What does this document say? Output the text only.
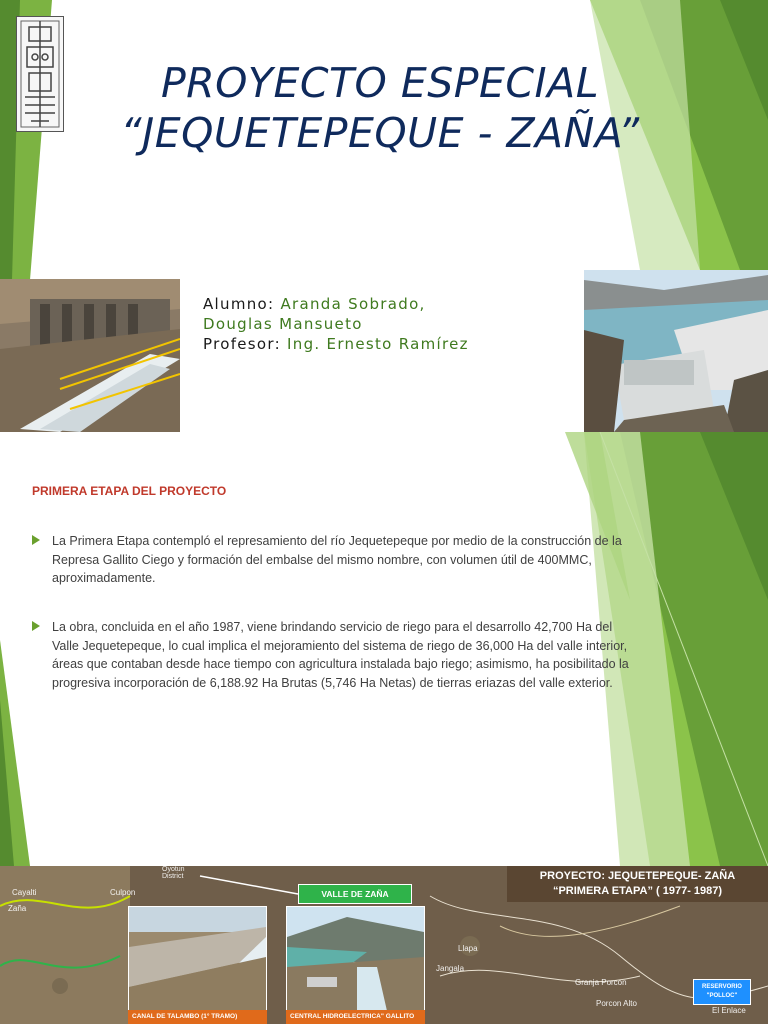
PROYECTO ESPECIAL “JEQUETEPEQUE - ZAÑA”
Alumno: Aranda Sobrado,
Douglas Mansueto
Profesor: Ing. Ernesto Ramírez
PRIMERA ETAPA DEL PROYECTO
La Primera Etapa contempló el represamiento del río Jequetepeque por medio de la construcción de la Represa Gallito Ciego y formación del embalse del mismo nombre, con volumen útil de 400MMC, aproximadamente.
La obra, concluida en el año 1987, viene brindando servicio de riego para el desarrollo 42,700 Ha del Valle Jequetepeque, lo cual implica el mejoramiento del sistema de riego de 36,000 Ha del valle interior, áreas que contaban desde hace tiempo con agricultura instalada bajo riego; asimismo, ha posibilitado la progresiva incorporación de 6,188.92 Ha Brutas (5,746 Ha Netas) de tierras eriazas del valle exterior.
Cayalti
Zaña
Culpon
Oyotun District
Llapa
Jangala
Granja Porcon
Porcon Alto
El Enlace
PROYECTO: JEQUETEPEQUE- ZAÑA
“PRIMERA ETAPA” ( 1977- 1987)
VALLE DE ZAÑA
CANAL DE TALAMBO (1° TRAMO)	CENTRAL HIDROELECTRICA" GALLITO
RESERVORIO
"POLLOC"
